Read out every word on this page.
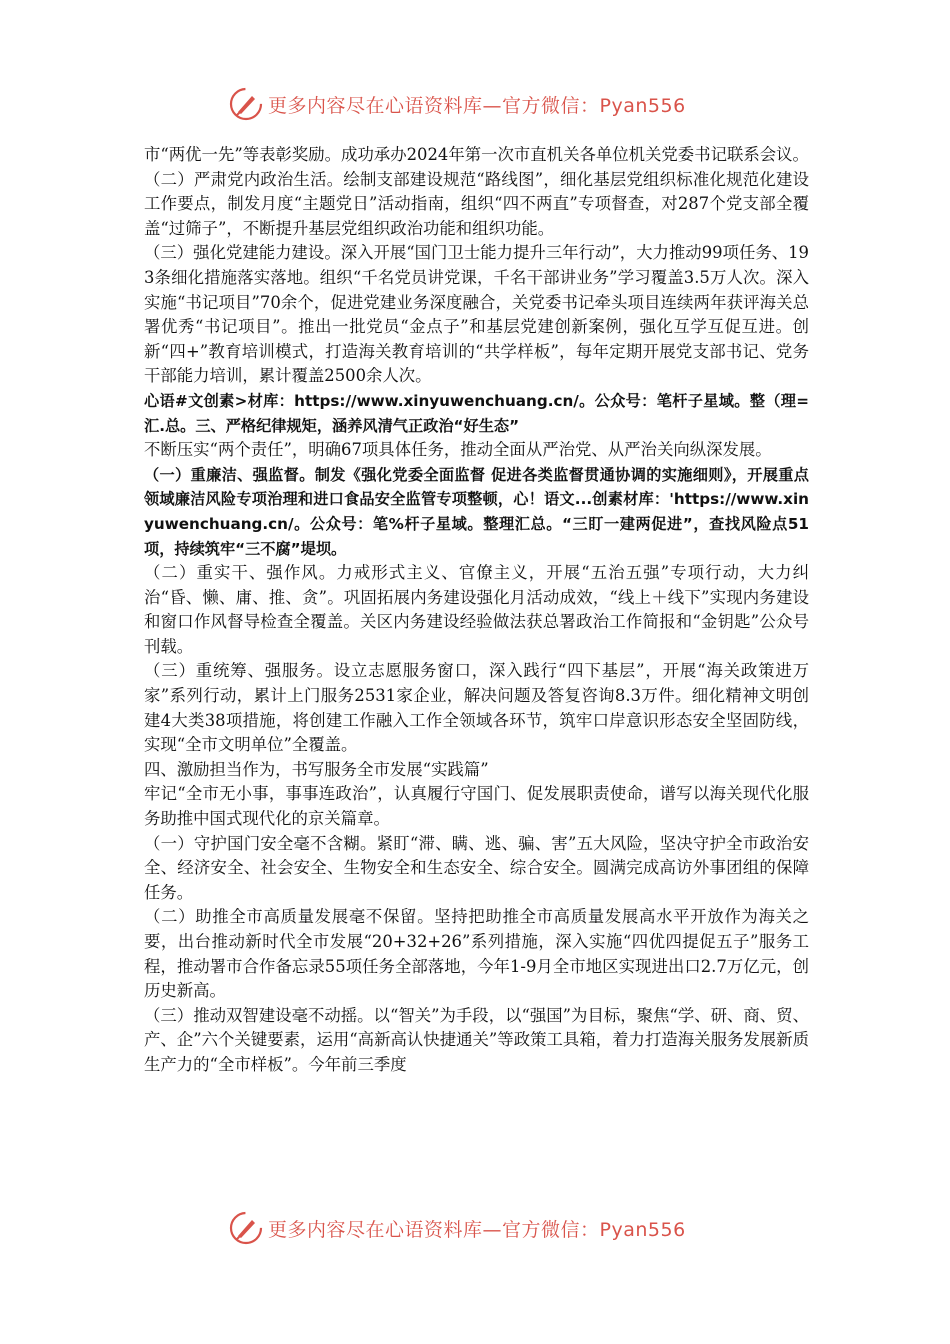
更多内容尽在心语资料库—官方微信：Pyan556

市“两优一先”等表彰奖励。成功承办2024年第一次市直机关各单位机关党委书记联系会议。

（二）严肃党内政治生活。绘制支部建设规范“路线图”，细化基层党组织标准化规范化建设工作要点，制发月度“主题党日”活动指南，组织“四不两直”专项督查，对287个党支部全覆盖“过筛子”，不断提升基层党组织政治功能和组织功能。

（三）强化党建能力建设。深入开展“国门卫士能力提升三年行动”，大力推动99项任务、193条细化措施落实落地。组织“千名党员讲党课，千名干部讲业务”学习覆盖3.5万人次。深入实施“书记项目”70余个，促进党建业务深度融合，关党委书记牵头项目连续两年获评海关总署优秀“书记项目”。推出一批党员“金点子”和基层党建创新案例，强化互学互促互进。创新“四+”教育培训模式，打造海关教育培训的“共学样板”，每年定期开展党支部书记、党务干部能力培训，累计覆盖2500余人次。

心语#文创素>材库：https://www.xinyuwenchuang.cn/。公众号：笔杆子星域。整（理=汇.总。三、严格纪律规矩，涵养风清气正政治“好生态”

不断压实“两个责任”，明确67项具体任务，推动全面从严治党、从严治关向纵深发展。

（一）重廉洁、强监督。制发《强化党委全面监督 促进各类监督贯通协调的实施细则》，开展重点领域廉洁风险专项治理和进口食品安全监管专项整顿，心！语文...创素材库：'https://www.xinyuwenchuang.cn/。公众号：笔%杆子星域。整理汇总。“三盯一建两促进”，查找风险点51项，持续筑牢“三不腐”堤坝。

（二）重实干、强作风。力戒形式主义、官僚主义，开展“五治五强”专项行动，大力纠治“昏、懒、庸、推、贪”。巩固拓展内务建设强化月活动成效，“线上＋线下”实现内务建设和窗口作风督导检查全覆盖。关区内务建设经验做法获总署政治工作简报和“金钥匙”公众号刊载。

（三）重统筹、强服务。设立志愿服务窗口，深入践行“四下基层”，开展“海关政策进万家”系列行动，累计上门服务2531家企业，解决问题及答复咨询8.3万件。细化精神文明创建4大类38项措施，将创建工作融入工作全领域各环节，筑牢口岸意识形态安全坚固防线，实现“全市文明单位”全覆盖。

四、激励担当作为，书写服务全市发展“实践篇”

牢记“全市无小事，事事连政治”，认真履行守国门、促发展职责使命，谱写以海关现代化服务助推中国式现代化的京关篇章。

（一）守护国门安全毫不含糊。紧盯“滞、瞒、逃、骗、害”五大风险，坚决守护全市政治安全、经济安全、社会安全、生物安全和生态安全、综合安全。圆满完成高访外事团组的保障任务。

（二）助推全市高质量发展毫不保留。坚持把助推全市高质量发展高水平开放作为海关之要，出台推动新时代全市发展“20+32+26”系列措施，深入实施“四优四提促五子”服务工程，推动署市合作备忘录55项任务全部落地，今年1-9月全市地区实现进出口2.7万亿元，创历史新高。

（三）推动双智建设毫不动摇。以“智关”为手段，以“强国”为目标，聚焦“学、研、商、贸、产、企”六个关键要素，运用“高新高认快捷通关”等政策工具箱，着力打造海关服务发展新质生产力的“全市样板”。今年前三季度

更多内容尽在心语资料库—官方微信：Pyan556
